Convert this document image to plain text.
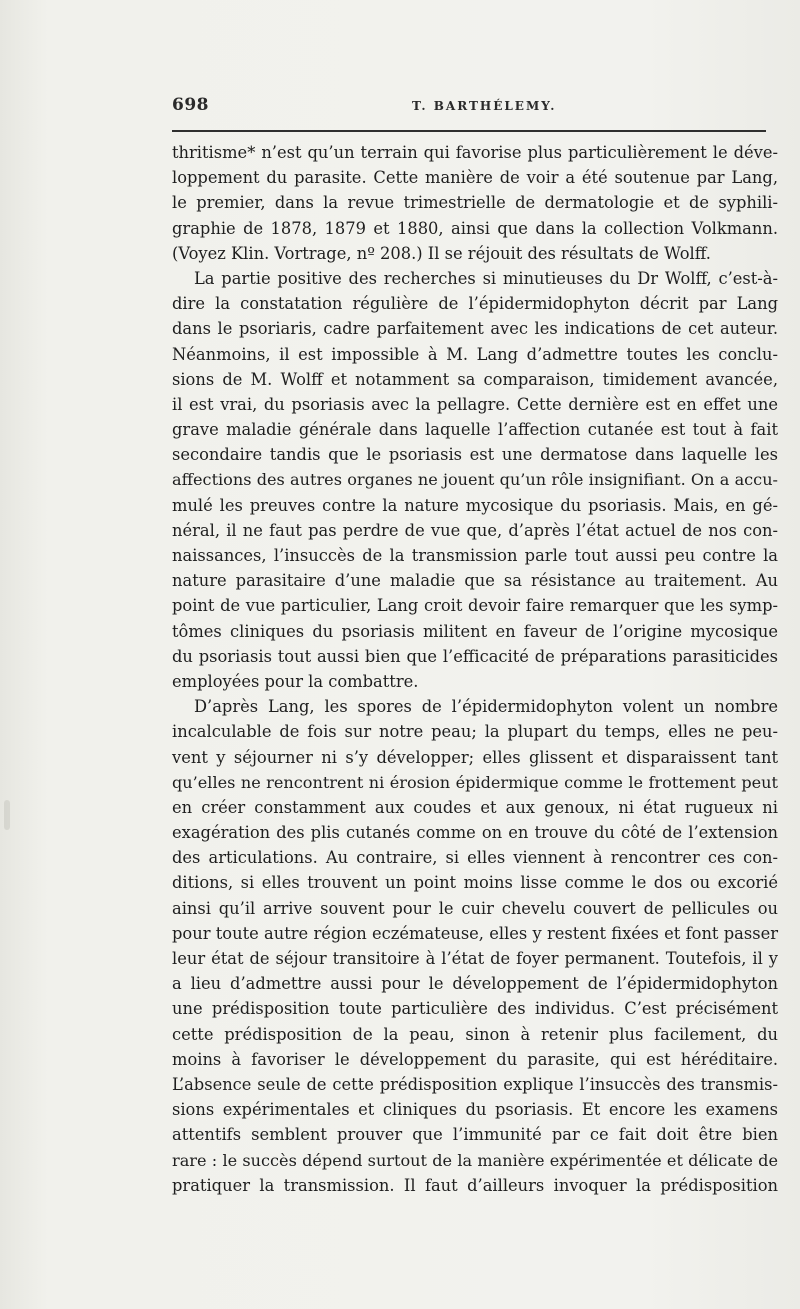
698	T. BARTHÉLEMY.
thritisme* n’est qu’un terrain qui favorise plus particulièrement le déve-
loppement du parasite. Cette manière de voir a été soutenue par Lang,
le premier, dans la revue trimestrielle de dermatologie et de syphili-
graphie de 1878, 1879 et 1880, ainsi que dans la collection Volkmann.
(Voyez Klin. Vortrage, nº 208.) Il se réjouit des résultats de Wolff.
La partie positive des recherches si minutieuses du Dr Wolff, c’est-à-
dire la constatation régulière de l’épidermidophyton décrit par Lang
dans le psoriaris, cadre parfaitement avec les indications de cet auteur.
Néanmoins, il est impossible à M. Lang d’admettre toutes les conclu-
sions de M. Wolff et notamment sa comparaison, timidement avancée,
il est vrai, du psoriasis avec la pellagre. Cette dernière est en effet une
grave maladie générale dans laquelle l’affection cutanée est tout à fait
secondaire tandis que le psoriasis est une dermatose dans laquelle les
affections des autres organes ne jouent qu’un rôle insignifiant. On a accu-
mulé les preuves contre la nature mycosique du psoriasis. Mais, en gé-
néral, il ne faut pas perdre de vue que, d’après l’état actuel de nos con-
naissances, l’insuccès de la transmission parle tout aussi peu contre la
nature parasitaire d’une maladie que sa résistance au traitement. Au
point de vue particulier, Lang croit devoir faire remarquer que les symp-
tômes cliniques du psoriasis militent en faveur de l’origine mycosique
du psoriasis tout aussi bien que l’efficacité de préparations parasiticides
employées pour la combattre.
D’après Lang, les spores de l’épidermidophyton volent un nombre
incalculable de fois sur notre peau; la plupart du temps, elles ne peu-
vent y séjourner ni s’y développer; elles glissent et disparaissent tant
qu’elles ne rencontrent ni érosion épidermique comme le frottement peut
en créer constamment aux coudes et aux genoux, ni état rugueux ni
exagération des plis cutanés comme on en trouve du côté de l’extension
des articulations. Au contraire, si elles viennent à rencontrer ces con-
ditions, si elles trouvent un point moins lisse comme le dos ou excorié
ainsi qu’il arrive souvent pour le cuir chevelu couvert de pellicules ou
pour toute autre région eczémateuse, elles y restent fixées et font passer
leur état de séjour transitoire à l’état de foyer permanent. Toutefois, il y
a lieu d’admettre aussi pour le développement de l’épidermidophyton
une prédisposition toute particulière des individus. C’est précisément
cette prédisposition de la peau, sinon à retenir plus facilement, du
moins à favoriser le développement du parasite, qui est héréditaire.
L’absence seule de cette prédisposition explique l’insuccès des transmis-
sions expérimentales et cliniques du psoriasis. Et encore les examens
attentifs semblent prouver que l’immunité par ce fait doit être bien
rare : le succès dépend surtout de la manière expérimentée et délicate de
pratiquer la transmission. Il faut d’ailleurs invoquer la prédisposition
